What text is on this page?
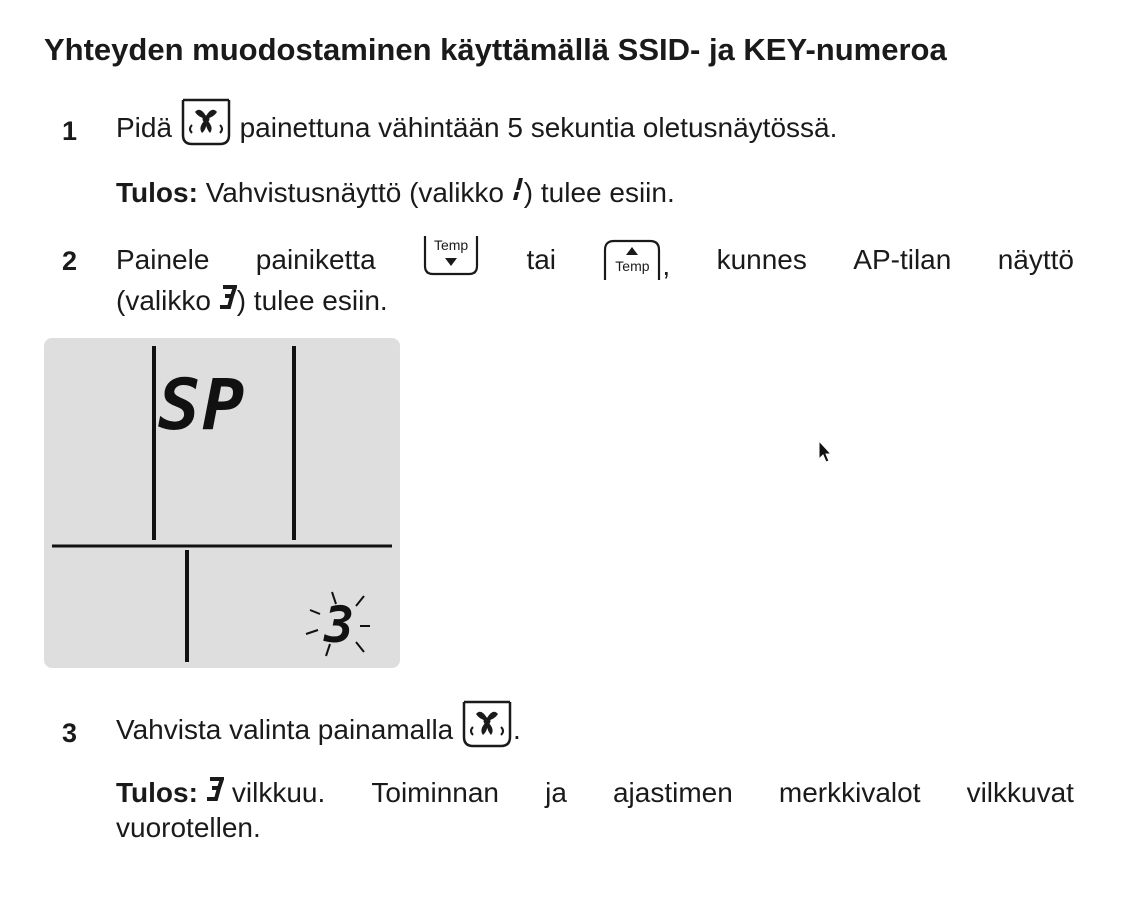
Yhteyden muodostaminen käyttämällä SSID- ja KEY-numeroa
1 Pidä painettuna vähintään 5 sekuntia oletusnäytössä.
Tulos: Vahvistusnäyttö (valikko ) tulee esiin.
2 Painele painiketta	Temp	tai	Temp , kunnes AP-tilan näyttö
(valikko ) tulee esiin.
SP
3
3 Vahvista valinta painamalla .
Tulos: vilkkuu. Toiminnan ja ajastimen merkkivalot vilkkuvat
vuorotellen.
